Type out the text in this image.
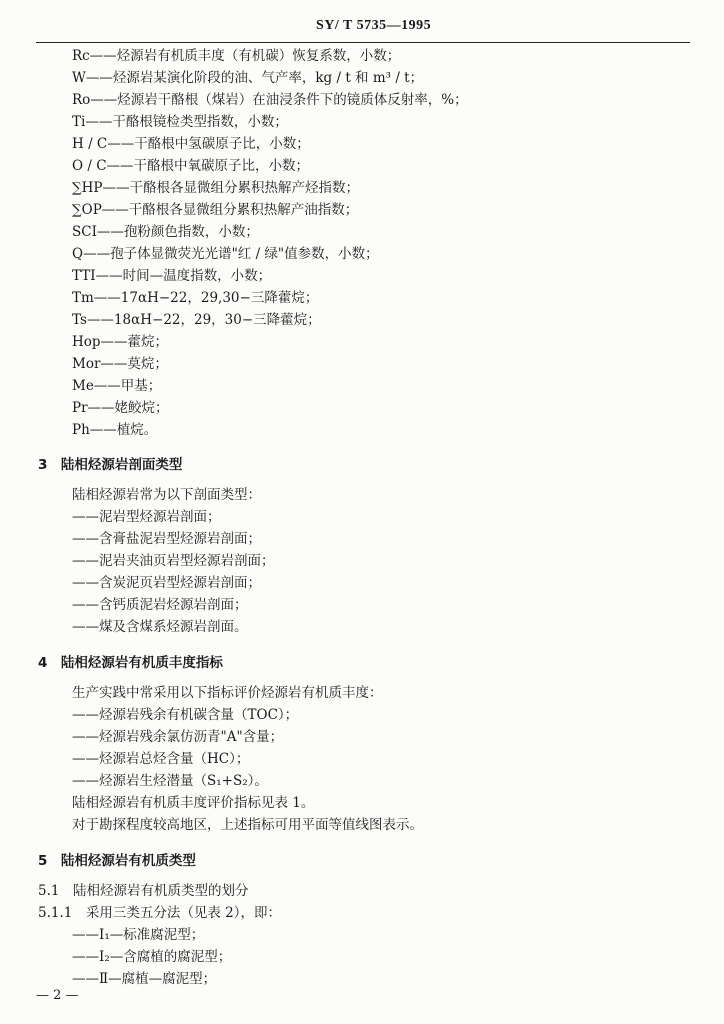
SY/ T 5735—1995
Rc——烃源岩有机质丰度（有机碳）恢复系数，小数；
W——烃源岩某演化阶段的油、气产率，kg / t 和 m³ / t；
Ro——烃源岩干酪根（煤岩）在油浸条件下的镜质体反射率，%；
Ti——干酪根镜检类型指数，小数；
H / C——干酪根中氢碳原子比，小数；
O / C——干酪根中氧碳原子比，小数；
∑HP——干酪根各显微组分累积热解产烃指数；
∑OP——干酪根各显微组分累积热解产油指数；
SCI——孢粉颜色指数，小数；
Q——孢子体显微荧光光谱"红 / 绿"值参数，小数；
TTI——时间—温度指数，小数；
Tm——17αH−22，29,30−三降藿烷；
Ts——18αH−22，29，30−三降藿烷；
Hop——藿烷；
Mor——莫烷；
Me——甲基；
Pr——姥鲛烷；
Ph——植烷。
3　陆相烃源岩剖面类型
陆相烃源岩常为以下剖面类型：
——泥岩型烃源岩剖面；
——含膏盐泥岩型烃源岩剖面；
——泥岩夹油页岩型烃源岩剖面；
——含炭泥页岩型烃源岩剖面；
——含钙质泥岩烃源岩剖面；
——煤及含煤系烃源岩剖面。
4　陆相烃源岩有机质丰度指标
生产实践中常采用以下指标评价烃源岩有机质丰度：
——烃源岩残余有机碳含量（TOC）；
——烃源岩残余氯仿沥青"A"含量；
——烃源岩总烃含量（HC）；
——烃源岩生烃潜量（S₁+S₂）。
陆相烃源岩有机质丰度评价指标见表 1。
对于勘探程度较高地区，上述指标可用平面等值线图表示。
5　陆相烃源岩有机质类型
5.1　陆相烃源岩有机质类型的划分
5.1.1　采用三类五分法（见表 2），即：
——Ⅰ₁—标准腐泥型；
——Ⅰ₂—含腐植的腐泥型；
——Ⅱ—腐植—腐泥型；
— 2 —
